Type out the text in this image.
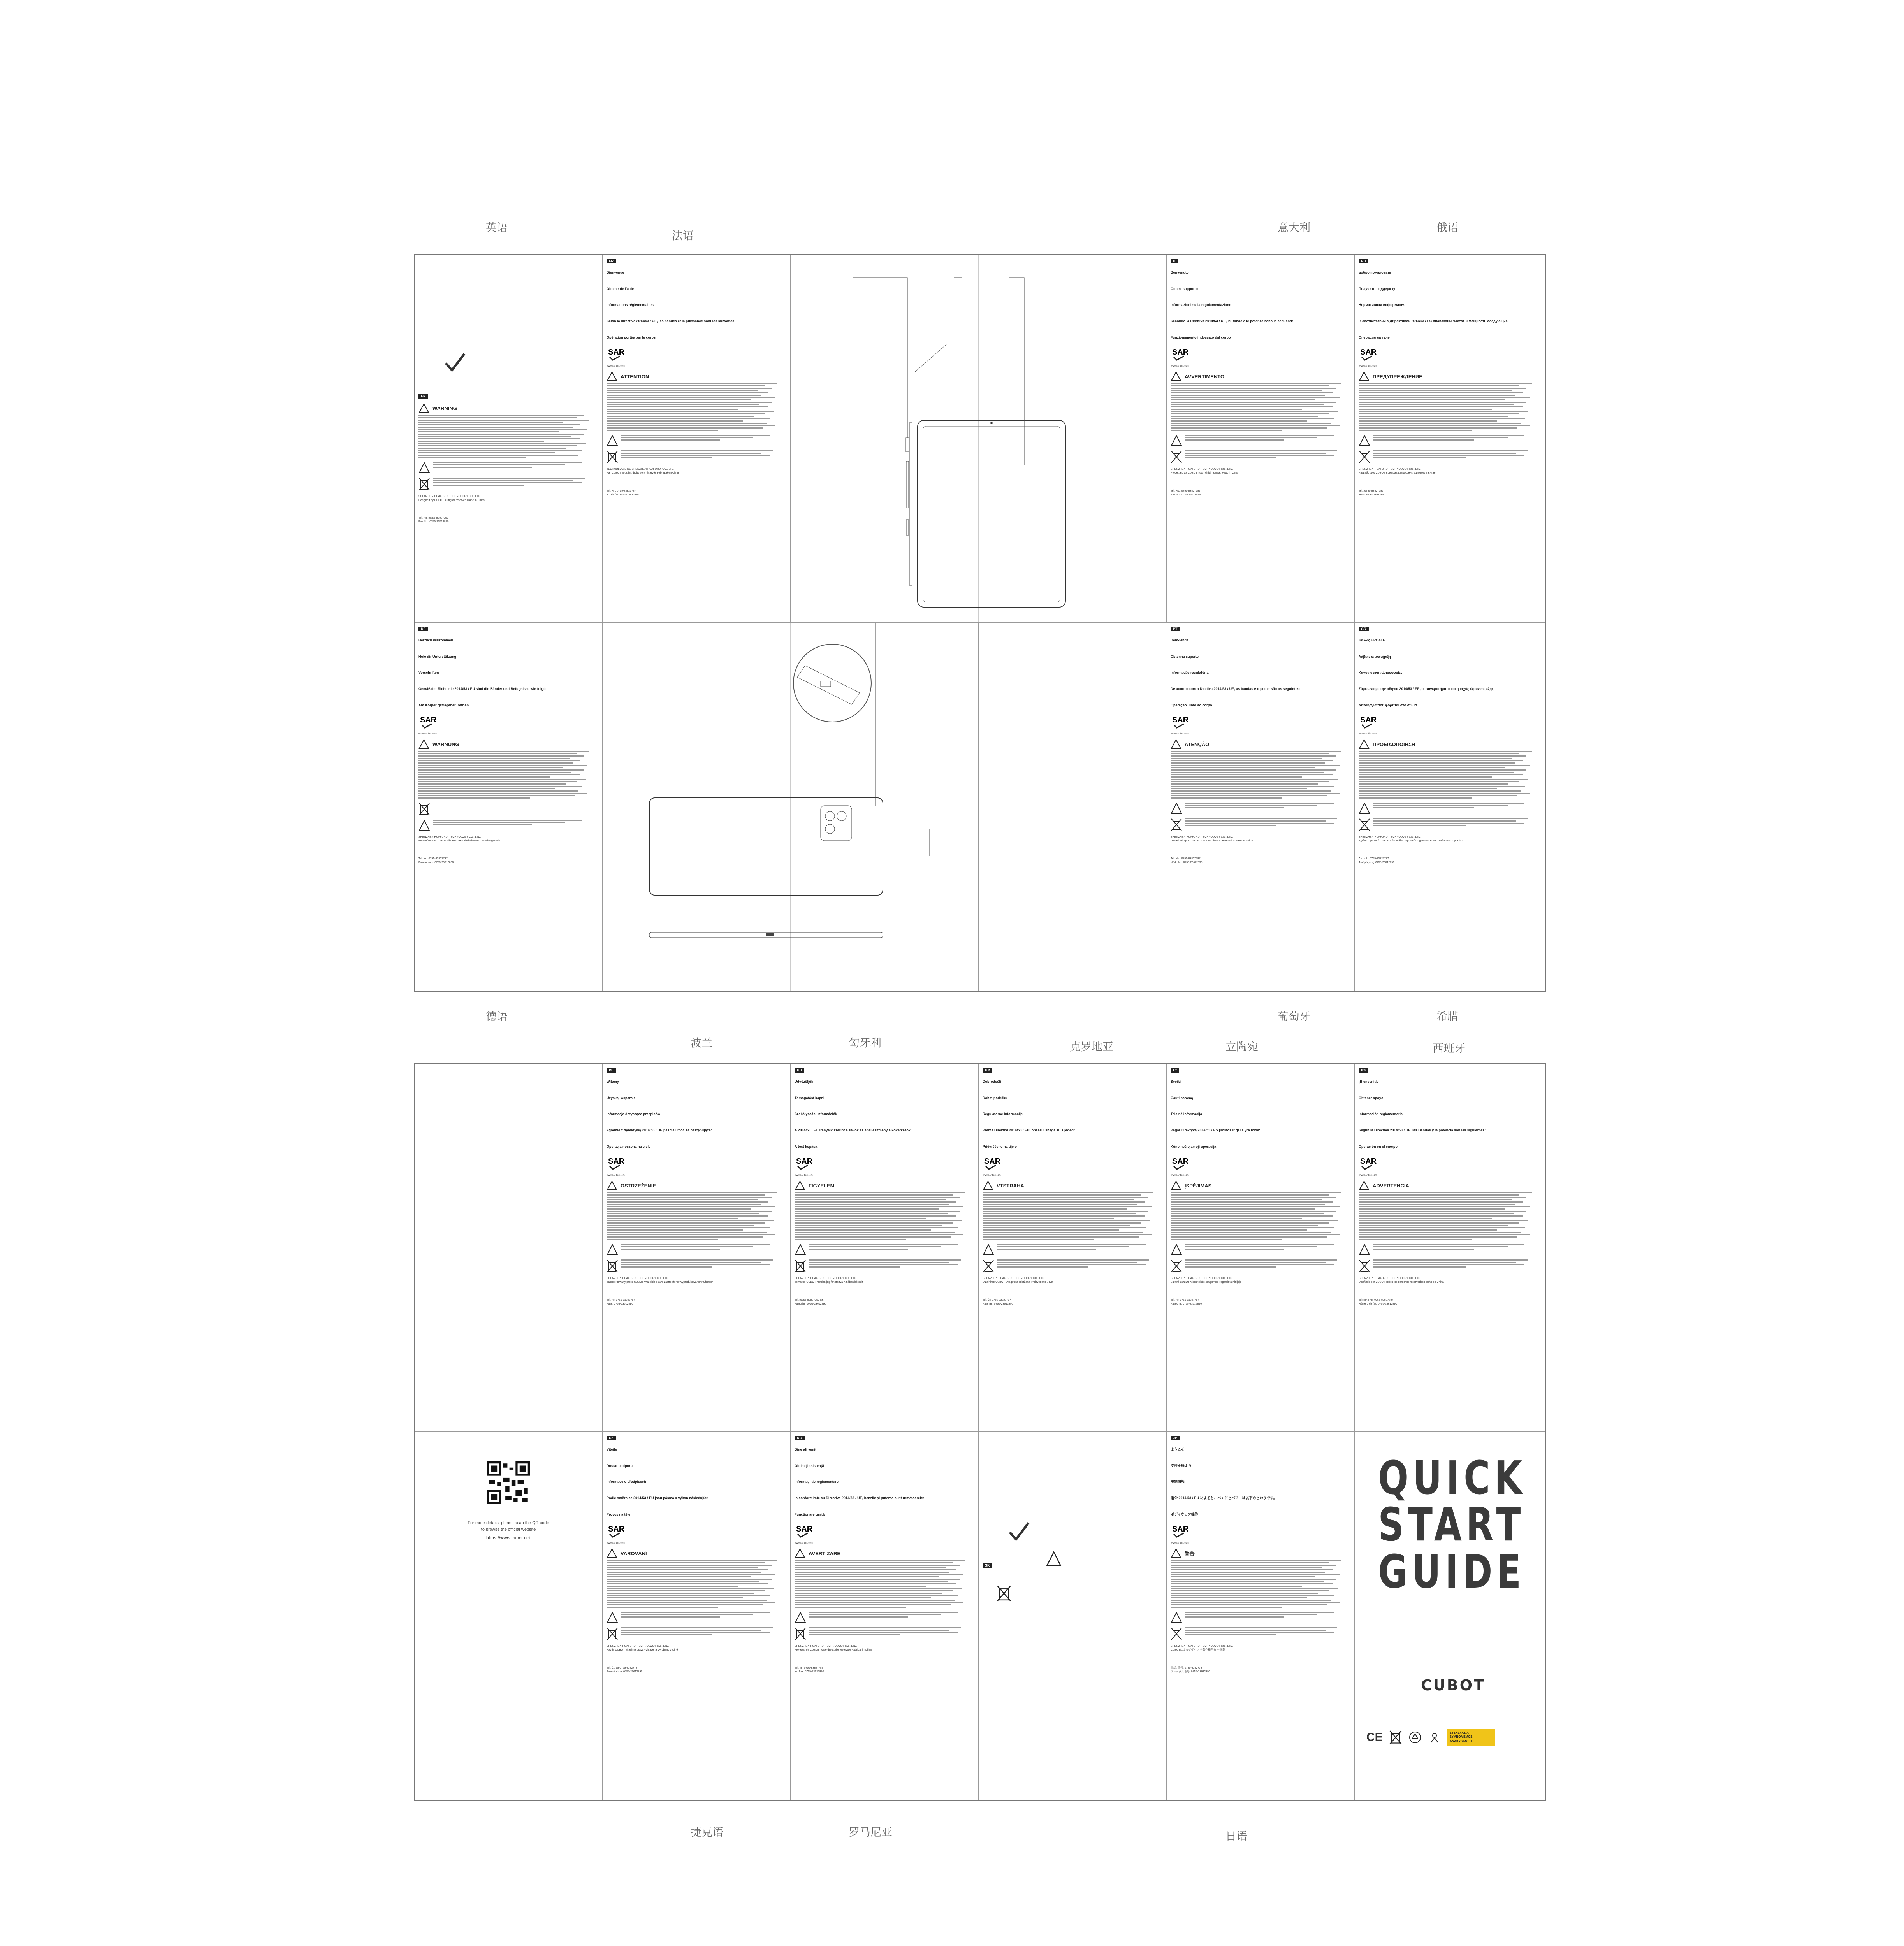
英语
法语
意大利	俄语
德语
波兰	匈牙利	克罗地亚	立陶宛
葡萄牙	希腊
西班牙
捷克语	罗马尼亚	日语
EN
! WARNING
SHENZHEN HUAFURUI TECHNOLOGY CO., LTD.
Designed by CUBOT All rights reserved Made in China
Tel. No.: 0755-83827787
Fax No.: 0755-23612890
FR
Bienvenue
Obtenir de l'aide
Informations réglementaires
Selon la directive 2014/53 / UE, les bandes et la puissance sont les suivantes:
Opération portée par le corps
SAR
www.sar-tick.com
! ATTENTION
TECHNOLOGIE DE SHENZHEN HUAFURUI CO., LTD.
Par CUBOT Tous les droits sont réservés Fabriqué en Chine
Tel. N °: 0755-83827787
N ° de fax: 0755-23612890
IT
Benvenuto
Ottieni supporto
Informazioni sulla regolamentazione
Secondo la Direttiva 2014/53 / UE, le Bande e le potenze sono le seguenti:
Funzionamento indossato dal corpo
SAR
www.sar-tick.com
! AVVERTIMENTO
SHENZHEN HUAFURUI TECHNOLOGY CO., LTD.
Progettato da CUBOT Tutti i diritti riservati Fatto in Cina
Tel. No.: 0755-83827787
Fax No.: 0755-23612890
RU
добро пожаловать
Получить поддержку
Нормативная информация
В соответствии с Директивой 2014/53 / ЕС диапазоны частот и мощность следующие:
Операция на теле
SAR
www.sar-tick.com
! ПРЕДУПРЕЖДЕНИЕ
SHENZHEN HUAFURUI TECHNOLOGY CO., LTD.
Разработано CUBOT Все права защищены Сделано в Китае
Tel.: 0755-83827787
Факс: 0755-23612890
DE
Herzlich willkommen
Hole dir Unterstützung
Vorschriften
Gemäß der Richtlinie 2014/53 / EU sind die Bänder und Befugnisse wie folgt:
Am Körper getragener Betrieb
SAR
www.sar-tick.com
! WARNUNG
SHENZHEN HUAFURUI TECHNOLOGY CO., LTD.
Entworfen von CUBOT Alle Rechte vorbehalten In China hergestellt
Tel. Nr.: 0755-83827787
Faxnummer: 0755-23612890
PT
Bem-vinda
Obtenha suporte
Informação regulatória
De acordo com a Diretiva 2014/53 / UE, as bandas e o poder são os seguintes:
Operação junto ao corpo
SAR
www.sar-tick.com
! ATENÇÃO
SHENZHEN HUAFURUI TECHNOLOGY CO., LTD.
Desenhado por CUBOT Todos os direitos reservados Feito na china
Tel. No.: 0755-83827787
Nº de fax: 0755-23612890
GR
Καλώς ΗΡΘΑΤΕ
Λάβετε υποστήριξη
Κανονιστική πληροφορίες
Σύμφωνα με την οδηγία 2014/53 / ΕΕ, οι συγκροτήματα και η ισχύς έχουν ως εξής:
Λειτουργία που φορείται στο σώμα
SAR
www.sar-tick.com
! ΠΡΟΕΙΔΟΠΟΙΗΣΗ
SHENZHEN HUAFURUI TECHNOLOGY CO., LTD.
Σχεδιάστηκε από CUBOT Όλα τα δικαιώματα διατηρούνται Κατασκευάστηκε στην Κίνα
Αρ. τηλ.: 0755-83827787
Αριθμός φαξ: 0755-23612890
PL
Witamy
Uzyskaj wsparcie
Informacje dotyczące przepisów
Zgodnie z dyrektywą 2014/53 / UE pasma i moc są następujące:
Operacja noszona na ciele
SAR
www.sar-tick.com
! OSTRZEŻENIE
SHENZHEN HUAFURUI TECHNOLOGY CO., LTD.
Zaprojektowany przez CUBOT Wszelkie prawa zastrzeżone Wyprodukowano w Chinach
Tel. Nr: 0755-83827787
Faks: 0755-23612890
HU
Üdvözöljük
Támogatást kapni
Szabályozási információk
A 2014/53 / EU irányelv szerint a sávok és a teljesítmény a következők:
A test kopása
SAR
www.sar-tick.com
! FIGYELEM
SHENZHEN HUAFURUI TECHNOLOGY CO., LTD.
Tervezte: CUBOT Minden jog fenntartva Kínában készült
Tel.: 0755-83827787 sz.
Faxszám: 0755-23612890
HR
Dobrodošli
Dobiti podršku
Regulatorne informacije
Prema Direktivi 2014/53 / EU, opsezi i snaga su sljedeći:
Pričvršćeno na tijelo
SAR
www.sar-tick.com
! VTSTRAHA
SHENZHEN HUAFURUI TECHNOLOGY CO., LTD.
Dizajnirao CUBOT Sva prava pridržana Proizvedeno u Kini
Tel. Č.: 0755-83827787
Faks Br.: 0755-23612890
LT
Sveiki
Gauti paramą
Teisinė informacija
Pagal Direktyvą 2014/53 / ES juostos ir galia yra tokie:
Kūno nešiojamoji operacija
SAR
www.sar-tick.com
! ĮSPĖJIMAS
SHENZHEN HUAFURUI TECHNOLOGY CO., LTD.
Sukurė CUBOT Visos teisės saugomos Pagaminta Kinijoje
Tel. Nr: 0755-83827787
Fakso nr: 0755-23612890
ES
¡Bienvenido
Obtener apoyo
Información reglamentaria
Según la Directiva 2014/53 / UE, las Bandas y la potencia son las siguientes:
Operación en el cuerpo
SAR
www.sar-tick.com
! ADVERTENCIA
SHENZHEN HUAFURUI TECHNOLOGY CO., LTD.
Diseñado por CUBOT Todos los derechos reservados Hecho en China
Teléfono no: 0755-83827787
Número de fax: 0755-23612890
For more details, please scan the QR code
to browse the official website
https://www.cubot.net
CZ
Vítejte
Dostat podporu
Informace o předpisech
Podle směrnice 2014/53 / EU jsou pásma a výkon následující:
Provoz na těle
SAR
www.sar-tick.com
! VAROVÁNÍ
SHENZHEN HUAFURUI TECHNOLOGY CO., LTD.
Navrhl CUBOT Všechna práva vyhrazena Vyrobeno v Číně
Tel. Č.: 75-0755-83827787
Faxové číslo: 0755-23612890
RO
Bine ați venit
Obțineți asistență
Informații de reglementare
În conformitate cu Directiva 2014/53 / UE, benzile și puterea sunt următoarele:
Funcționare uzată
SAR
www.sar-tick.com
! AVERTIZARE
SHENZHEN HUAFURUI TECHNOLOGY CO., LTD.
Proiectat de CUBOT Toate drepturile rezervate Fabricat in China
Tel. nr.: 0755-83827787
Nr. Fax: 0755-23612890
SK
JP
ようこそ
支持を得よう
規制情報
指令 2014/53 / EU によると、バンドとパワーは以下のとおりです。
ボディウェア操作
SAR
www.sar-tick.com
! 警告
SHENZHEN HUAFURUI TECHNOLOGY CO., LTD.
CUBOTによるデザイン 全著作権所有 中国製
電話. 番号: 0755-83827787
ファックス番号: 0755-23612890
QUICK
START
GUIDE
CUBOT
CE	ΣΥΣΚΕΥΑΣΙΑ ΣΥΜΒΟΛΙΣΜΟΣ ΑΝΑΚΥΚΛΩΣΗ
